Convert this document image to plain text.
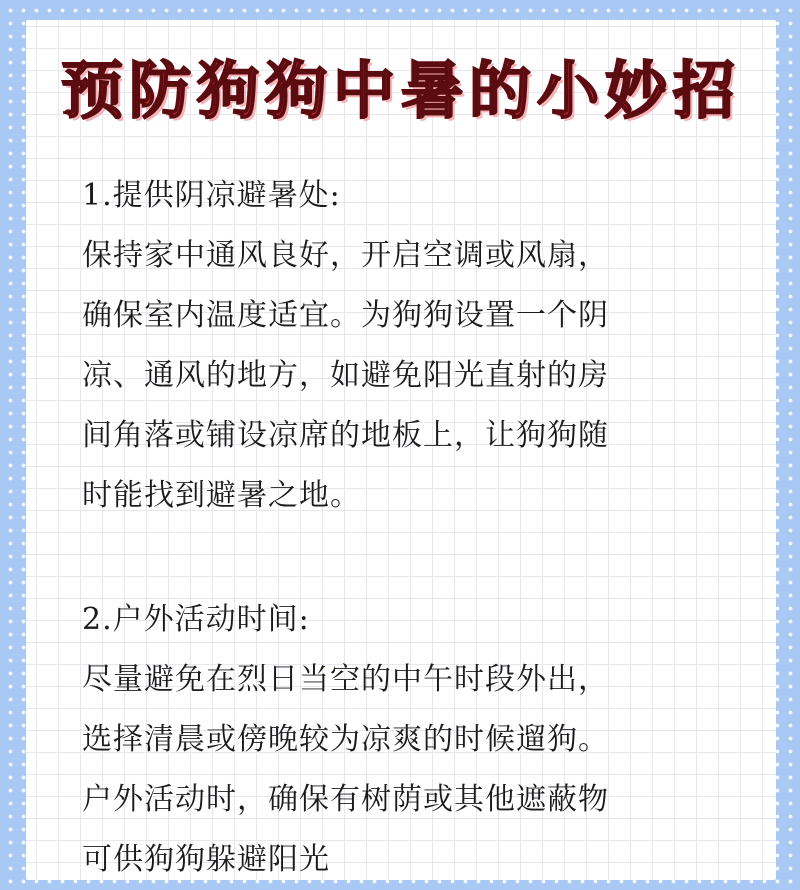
预防狗狗中暑的小妙招
1.提供阴凉避暑处:
保持家中通风良好，开启空调或风扇，
确保室内温度适宜。为狗狗设置一个阴
凉、通风的地方，如避免阳光直射的房
间角落或铺设凉席的地板上，让狗狗随
时能找到避暑之地。
2.户外活动时间:
尽量避免在烈日当空的中午时段外出，
选择清晨或傍晚较为凉爽的时候遛狗。
户外活动时，确保有树荫或其他遮蔽物
可供狗狗躲避阳光
